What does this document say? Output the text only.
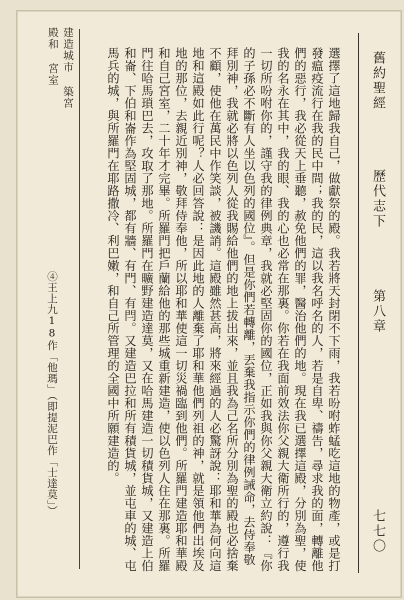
舊約聖經
歷代志下
第八章
七七〇

選擇了這地歸我自己，做獻祭的殿。我若將天封閉不下雨，我若吩咐蚱蜢吃這地的物產，或是打發瘟疫流行在我的民中間；我的民，這以我名呼名的人，若是自卑、禱告，尋求我的面，轉離他們的惡行，我必從天上垂聽，赦免他們的罪，醫治他們的地。現在我已選擇這殿，分別為聖，使我的名永在其中，我的眼、我的心也必常在那裏。你若在我面前效法你父親大衛所行的，遵行我一切所吩咐你的，謹守我的律例典章，我就必堅固你的國位，正如我與你父親大衛立約說：『你的子孫必不斷有人坐以色列的國位』。但是你們若轉離，丟棄我指示你們的律例誡命，去侍奉敬拜別神，我就必將以色列人從我賜給他們的地上拔出來，並且我為己名所分別為聖的殿也必捨棄不顧，使他在萬民中作笑談，被譏誚。這殿雖然甚高，將來經過的人必驚訝說：耶和華為何向這地和這殿如此行呢？人必回答說：是因此地的人離棄了耶和華他們列祖的神，就是領他們出埃及地的那位，去親近別神，敬拜侍奉他，所以耶和華使這一切災禍臨到他們。所羅門建造耶和華殿和自己宮室，二十年才完畢。所羅門把戶蘭給他的那些城重新建造，使以色列人住在那裏。所羅門往哈馬瑣巴去，攻取了那地。所羅門在曠野建造達莫，又在哈馬建造一切積貨城，又建造上伯和崙、下伯和崙作為堅固城，都有牆、有門、有閂。又建造巴拉和所有積貨城，並屯車的城、屯馬兵的城，與所羅門在耶路撒冷、利巴嫩，和自己所管理的全國中所願建造的。

建造城市 築宮殿和 宮室
④王上九18作「他瑪」（即提泥巴作「士達莫」）
